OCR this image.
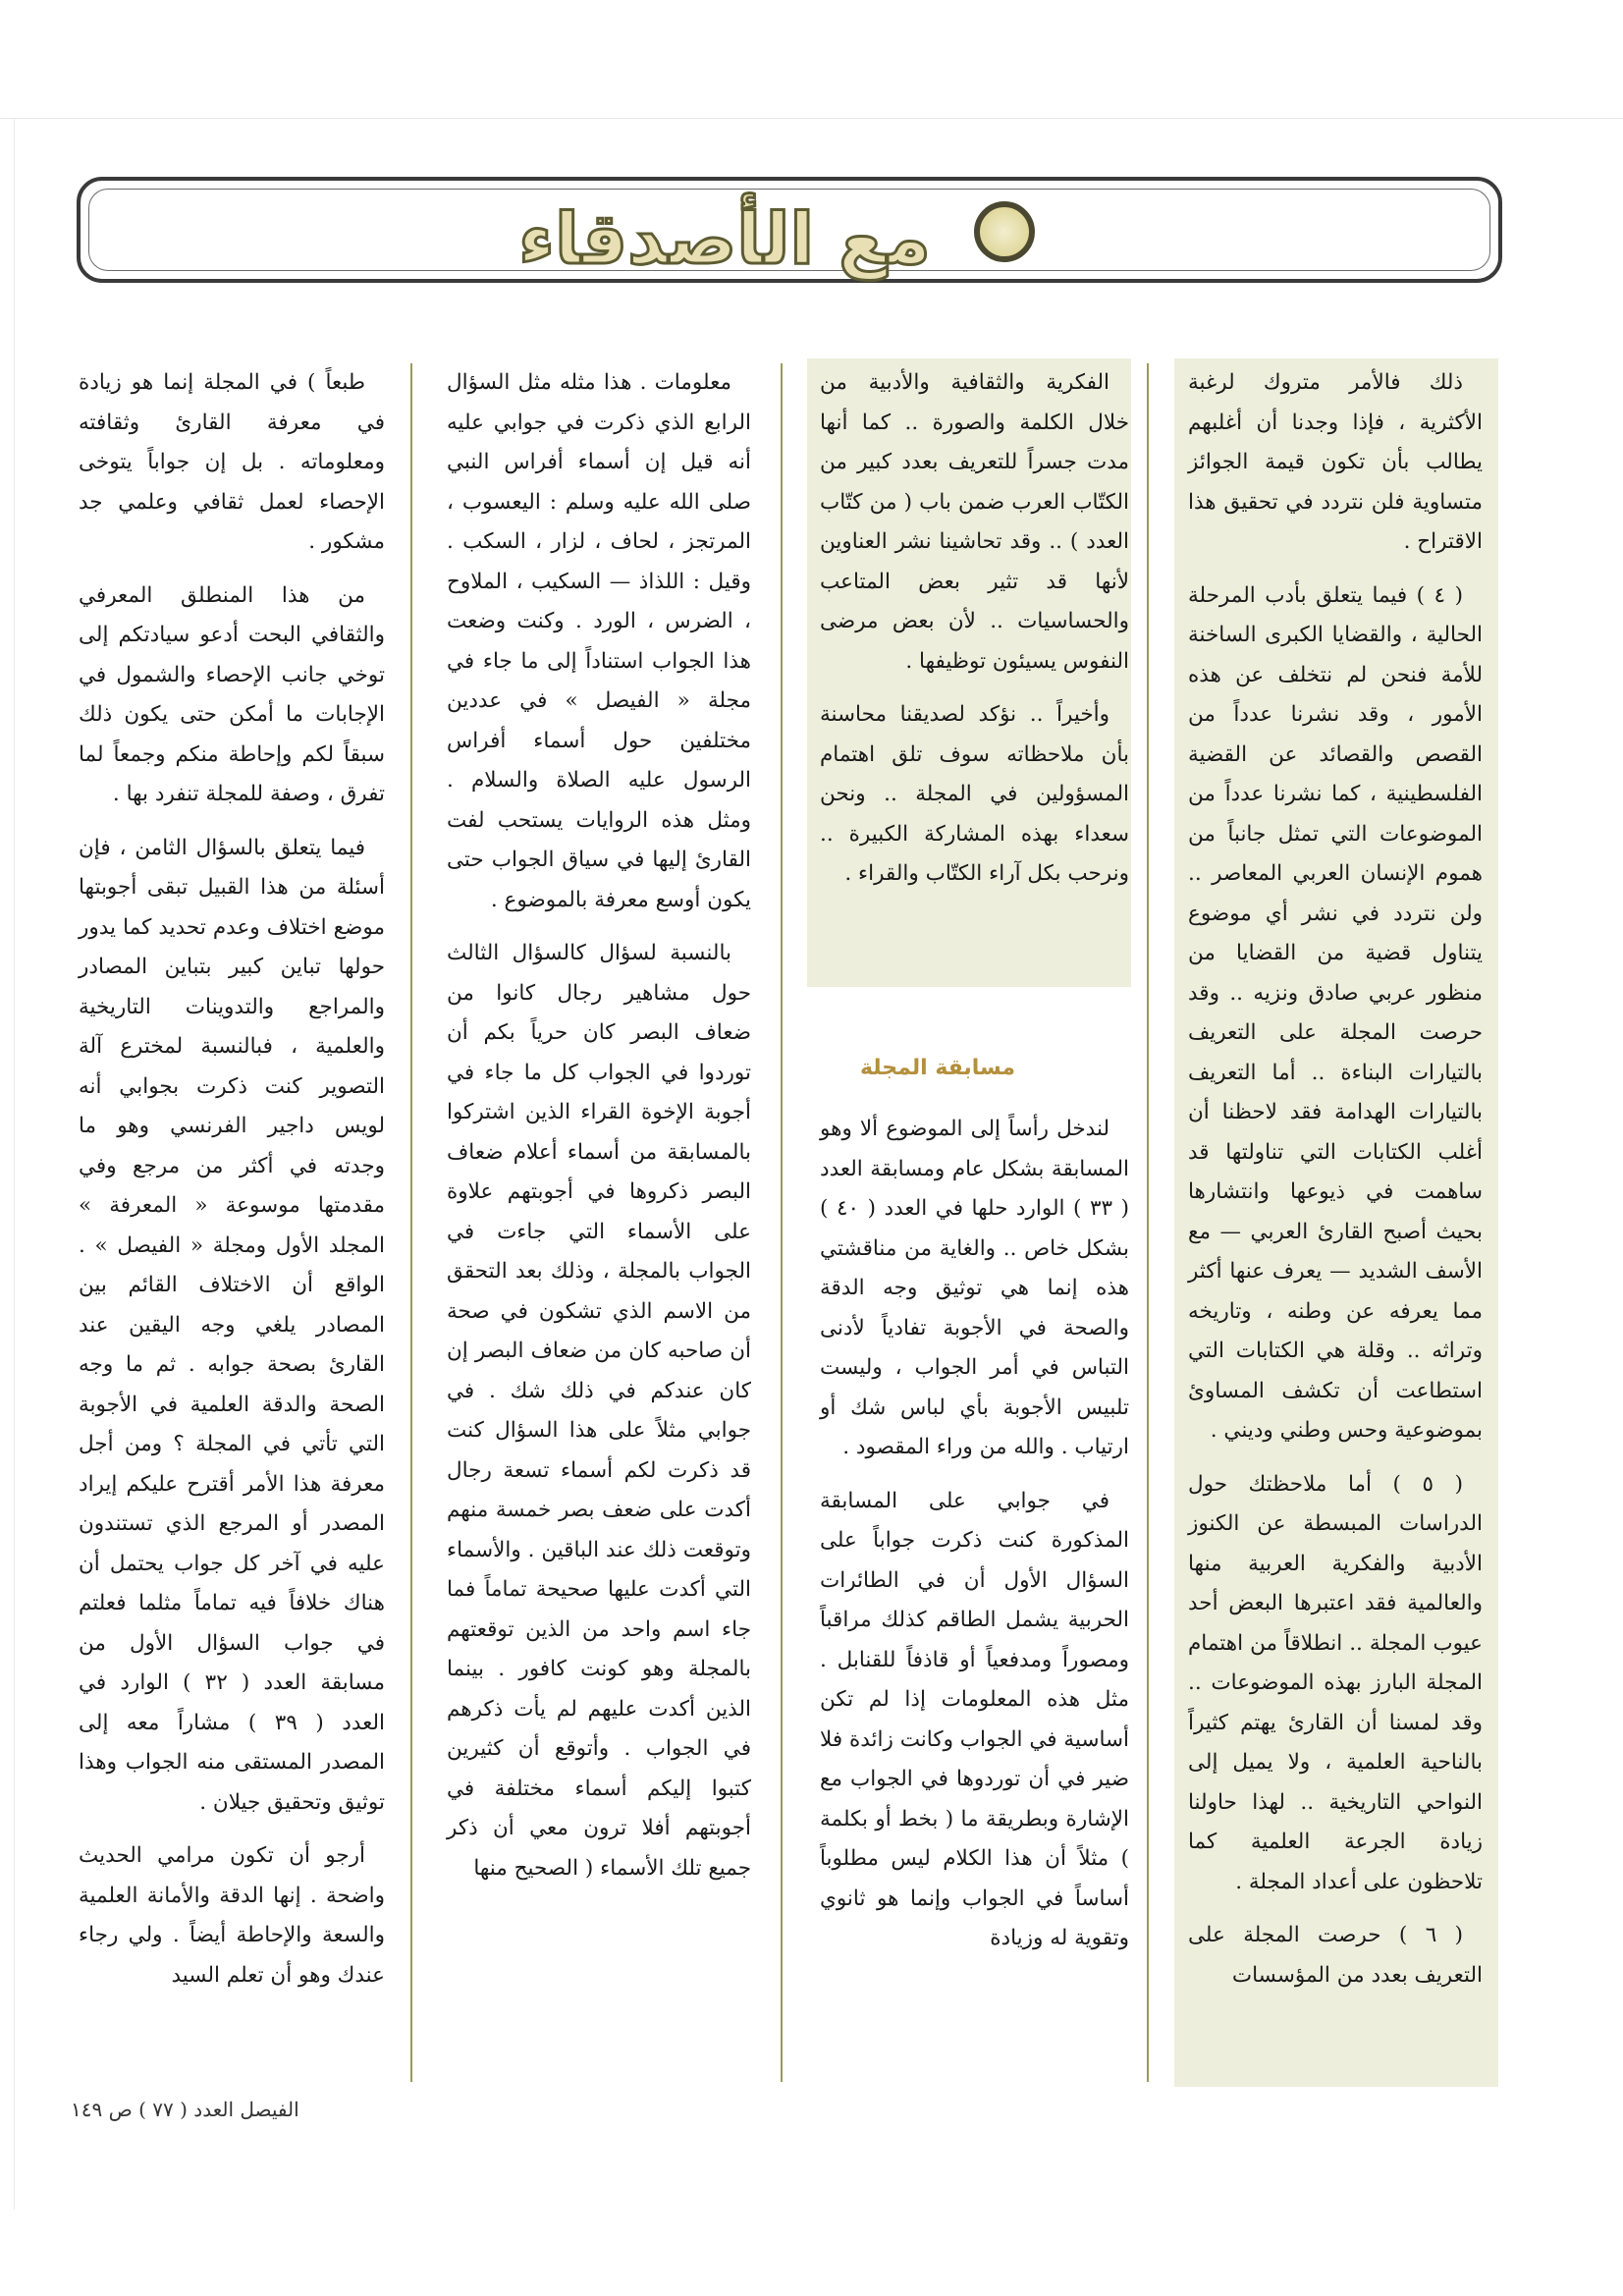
مع الأصدقاء

ذلك فالأمر متروك لرغبة الأكثرية ، فإذا وجدنا أن أغلبهم يطالب بأن تكون قيمة الجوائز متساوية فلن نتردد في تحقيق هذا الاقتراح .

( ٤ ) فيما يتعلق بأدب المرحلة الحالية ، والقضايا الكبرى الساخنة للأمة فنحن لم نتخلف عن هذه الأمور ، وقد نشرنا عدداً من القصص والقصائد عن القضية الفلسطينية ، كما نشرنا عدداً من الموضوعات التي تمثل جانباً من هموم الإنسان العربي المعاصر .. ولن نتردد في نشر أي موضوع يتناول قضية من القضايا من منظور عربي صادق ونزيه .. وقد حرصت المجلة على التعريف بالتيارات البناءة .. أما التعريف بالتيارات الهدامة فقد لاحظنا أن أغلب الكتابات التي تناولتها قد ساهمت في ذيوعها وانتشارها بحيث أصبح القارئ العربي — مع الأسف الشديد — يعرف عنها أكثر مما يعرفه عن وطنه ، وتاريخه وتراثه .. وقلة هي الكتابات التي استطاعت أن تكشف المساوئ بموضوعية وحس وطني وديني .

( ٥ ) أما ملاحظتك حول الدراسات المبسطة عن الكنوز الأدبية والفكرية العربية منها والعالمية فقد اعتبرها البعض أحد عيوب المجلة .. انطلاقاً من اهتمام المجلة البارز بهذه الموضوعات .. وقد لمسنا أن القارئ يهتم كثيراً بالناحية العلمية ، ولا يميل إلى النواحي التاريخية .. لهذا حاولنا زيادة الجرعة العلمية كما تلاحظون على أعداد المجلة .

( ٦ ) حرصت المجلة على التعريف بعدد من المؤسسات

الفكرية والثقافية والأدبية من خلال الكلمة والصورة .. كما أنها مدت جسراً للتعريف بعدد كبير من الكتّاب العرب ضمن باب ( من كتّاب العدد ) .. وقد تحاشينا نشر العناوين لأنها قد تثير بعض المتاعب والحساسيات .. لأن بعض مرضى النفوس يسيئون توظيفها .

وأخيراً .. نؤكد لصديقنا محاسنة بأن ملاحظاته سوف تلق اهتمام المسؤولين في المجلة .. ونحن سعداء بهذه المشاركة الكبيرة .. ونرحب بكل آراء الكتّاب والقراء .

مسابقة المجلة

لندخل رأساً إلى الموضوع ألا وهو المسابقة بشكل عام ومسابقة العدد ( ٣٣ ) الوارد حلها في العدد ( ٤٠ ) بشكل خاص .. والغاية من مناقشتي هذه إنما هي توثيق وجه الدقة والصحة في الأجوبة تفادياً لأدنى التباس في أمر الجواب ، وليست تلبيس الأجوبة بأي لباس شك أو ارتياب . والله من وراء المقصود .

في جوابي على المسابقة المذكورة كنت ذكرت جواباً على السؤال الأول أن في الطائرات الحربية يشمل الطاقم كذلك مراقباً ومصوراً ومدفعياً أو قاذفاً للقنابل . مثل هذه المعلومات إذا لم تكن أساسية في الجواب وكانت زائدة فلا ضير في أن توردوها في الجواب مع الإشارة وبطريقة ما ( بخط أو بكلمة ) مثلاً أن هذا الكلام ليس مطلوباً أساساً في الجواب وإنما هو ثانوي وتقوية له وزيادة

معلومات . هذا مثله مثل السؤال الرابع الذي ذكرت في جوابي عليه أنه قيل إن أسماء أفراس النبي صلى الله عليه وسلم : اليعسوب ، المرتجز ، لحاف ، لزار ، السكب . وقيل : اللذاذ — السكيب ، الملاوح ، الضرس ، الورد . وكنت وضعت هذا الجواب استناداً إلى ما جاء في مجلة « الفيصل » في عددين مختلفين حول أسماء أفراس الرسول عليه الصلاة والسلام . ومثل هذه الروايات يستحب لفت القارئ إليها في سياق الجواب حتى يكون أوسع معرفة بالموضوع .

بالنسبة لسؤال كالسؤال الثالث حول مشاهير رجال كانوا من ضعاف البصر كان حرياً بكم أن توردوا في الجواب كل ما جاء في أجوبة الإخوة القراء الذين اشتركوا بالمسابقة من أسماء أعلام ضعاف البصر ذكروها في أجوبتهم علاوة على الأسماء التي جاءت في الجواب بالمجلة ، وذلك بعد التحقق من الاسم الذي تشكون في صحة أن صاحبه كان من ضعاف البصر إن كان عندكم في ذلك شك . في جوابي مثلاً على هذا السؤال كنت قد ذكرت لكم أسماء تسعة رجال أكدت على ضعف بصر خمسة منهم وتوقعت ذلك عند الباقين . والأسماء التي أكدت عليها صحيحة تماماً فما جاء اسم واحد من الذين توقعتهم بالمجلة وهو كونت كافور . بينما الذين أكدت عليهم لم يأت ذكرهم في الجواب . وأتوقع أن كثيرين كتبوا إليكم أسماء مختلفة في أجوبتهم أفلا ترون معي أن ذكر جميع تلك الأسماء ( الصحيح منها

طبعاً ) في المجلة إنما هو زيادة في معرفة القارئ وثقافته ومعلوماته . بل إن جواباً يتوخى الإحصاء لعمل ثقافي وعلمي جد مشكور .

من هذا المنطلق المعرفي والثقافي البحت أدعو سيادتكم إلى توخي جانب الإحصاء والشمول في الإجابات ما أمكن حتى يكون ذلك سبقاً لكم وإحاطة منكم وجمعاً لما تفرق ، وصفة للمجلة تنفرد بها .

فيما يتعلق بالسؤال الثامن ، فإن أسئلة من هذا القبيل تبقى أجوبتها موضع اختلاف وعدم تحديد كما يدور حولها تباين كبير بتباين المصادر والمراجع والتدوينات التاريخية والعلمية ، فبالنسبة لمخترع آلة التصوير كنت ذكرت بجوابي أنه لويس داجير الفرنسي وهو ما وجدته في أكثر من مرجع وفي مقدمتها موسوعة « المعرفة » المجلد الأول ومجلة « الفيصل » . الواقع أن الاختلاف القائم بين المصادر يلغي وجه اليقين عند القارئ بصحة جوابه . ثم ما وجه الصحة والدقة العلمية في الأجوبة التي تأتي في المجلة ؟ ومن أجل معرفة هذا الأمر أقترح عليكم إيراد المصدر أو المرجع الذي تستندون عليه في آخر كل جواب يحتمل أن هناك خلافاً فيه تماماً مثلما فعلتم في جواب السؤال الأول من مسابقة العدد ( ٣٢ ) الوارد في العدد ( ٣٩ ) مشاراً معه إلى المصدر المستقى منه الجواب وهذا توثيق وتحقيق جيلان .

أرجو أن تكون مرامي الحديث واضحة . إنها الدقة والأمانة العلمية والسعة والإحاطة أيضاً . ولي رجاء عندك وهو أن تعلم السيد

الفيصل العدد ( ٧٧ ) ص ١٤٩
